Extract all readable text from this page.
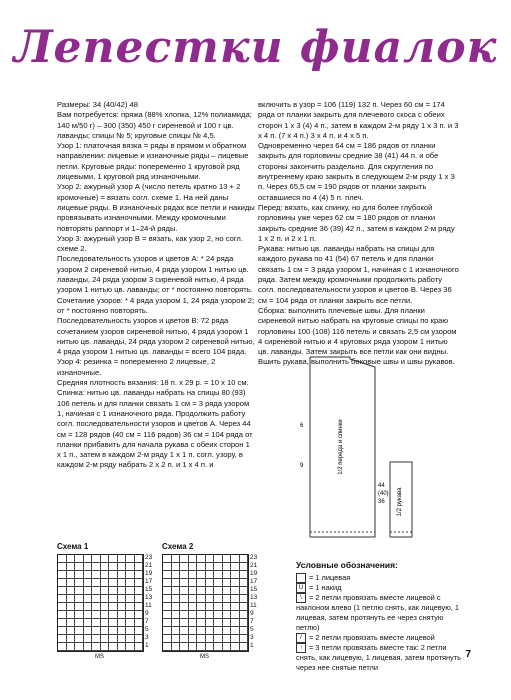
Лепестки фиалок

Размеры: 34 (40/42) 48

Вам потребуется: пряжа (88% хлопка, 12% полиамида; 140 м/50 г) – 300 (350) 450 г сиреневой и 100 г цв. лаванды; спицы № 5; круговые спицы № 4,5.

Узор 1: платочная вязка = ряды в прямом и обратном направлении: лицевые и изнаночные ряды – лицевые петли. Круговые ряды: попеременно 1 круговой ряд лицевыми, 1 круговой ряд изнаночными.

Узор 2: ажурный узор А (число петель кратно 13 + 2 кромочные) = вязать согл. схеме 1. На ней даны лицевые ряды. В изнаночных рядах все петли и накиды провязывать изнаночными. Между кромочными повторять раппорт и 1–24-й ряды.

Узор 3: ажурный узор В = вязать, как узор 2, но согл. схеме 2.

Последовательность узоров и цветов А: * 24 ряда узором 2 сиреневой нитью, 4 ряда узором 1 нитью цв. лаванды, 24 ряда узором 3 сиреневой нитью, 4 ряда узором 1 нитью цв. лаванды; от * постоянно повторять.

Сочетание узоров: * 4 ряда узором 1, 24 ряда узором 2; от * постоянно повторять.

Последовательность узоров и цветов В: 72 ряда сочетанием узоров сиреневой нитью, 4 ряда узором 1 нитью цв. лаванды, 24 ряда узором 2 сиреневой нитью, 4 ряда узором 1 нитью цв. лаванды = всего 104 ряда.

Узор 4: резинка = попеременно 2 лицевые, 2 изнаночные.

Средняя плотность вязания: 18 п. x 29 р. = 10 x 10 см.

Спинка: нитью цв. лаванды набрать на спицы 80 (93) 106 петель и для планки связать 1 см = 3 ряда узором 1, начиная с 1 изнаночного ряда. Продолжить работу согл. последовательности узоров и цветов А. Через 44 см = 128 рядов (40 см = 116 рядов) 36 см = 104 ряда от планки прибавить для начала рукава с обеих сторон 1 x 1 п., затем в каждом 2-м ряду 1 x 1 п. согл. узору, в каждом 2-м ряду набрать 2 x 2 п. и 1 x 4 п. и

включить в узор = 106 (119) 132 п. Через 60 см = 174 ряда от планки закрыть для плечевого скоса с обеих сторон 1 x 3 (4) 4 п., затем в каждом 2-м ряду 1 x 3 п. и 3 x 4 п. (7 x 4 п.) 3 x 4 п. и 4 x 5 п.

Одновременно через 64 см = 186 рядов от планки закрыть для горловины средние 38 (41) 44 п. и обе стороны закончить раздельно. Для скругления по внутреннему краю закрыть в следующем 2-м ряду 1 x 3 п. Через 65,5 см = 190 рядов от планки закрыть оставшиеся по 4 (4) 5 п. плеч.

Перед: вязать, как спинку, но для более глубокой горловины уже через 62 см = 180 рядов от планки закрыть средние 36 (39) 42 п., затем в каждом 2-м ряду 1 x 2 п. и 2 x 1 п.

Рукава: нитью цв. лаванды набрать на спицы для каждого рукава по 41 (54) 67 петель и для планки связать 1 см = 3 ряда узором 1, начиная с 1 изнаночного ряда. Затем между кромочными продолжить работу согл. последовательности узоров и цветов В. Через 36 см = 104 ряда от планки закрыть все петли.

Сборка: выполнить плечевые швы. Для планки сиреневой нитью набрать на круговые спицы по краю горловины 100 (108) 116 петель и связать 2,5 см узором 4 сиреневой нитью и 4 круговых ряда узором 1 нитью цв. лаванды. Затем закрыть все петли как они видны. Вшить рукава, выполнить боковые швы и швы рукавов.

1/2 переда и спинки
1/2 рукава
6
9
44
(40)
36
Схема 1
23
21
19
17
15
13
11
9
7
5
3
1
MS
Схема 2
23
21
19
17
15
13
11
9
7
5
3
1
MS
Условные обозначения:
= 1 лицевая
U = 1 накид
\ = 2 петли провязать вместе лицевой с наклоном влево (1 петлю снять, как лицевую, 1 лицевая, затем протянуть ее через снятую петлю)
/ = 2 петли провязать вместе лицевой
↑ = 3 петли провязать вместе так: 2 петли снять, как лицевую, 1 лицевая, затем протянуть через нее снятые петли
7
